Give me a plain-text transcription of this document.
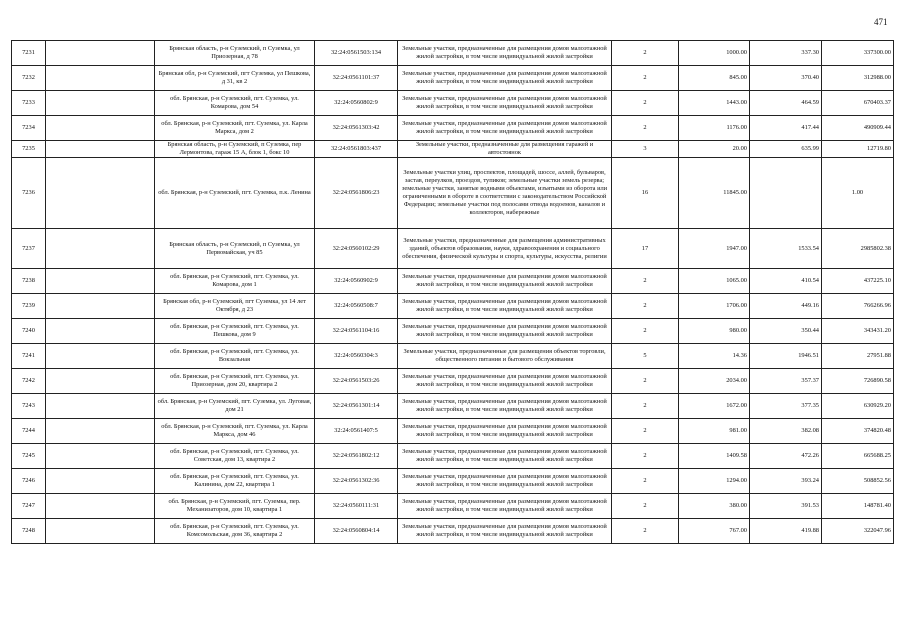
471
7231		Брянская область, р-н Суземский, п Суземка, ул Приозерная, д 78	32:24:0561503:134	Земельные участки, предназначенные для размещения домов малоэтажной жилой застройки, в том числе индивидуальной жилой застройки	2	1000.00	337.30	337300.00
7232		Брянская обл, р-н Суземский, пгт Суземка, ул Пешкова, д 31, кв 2	32:24:0561101:37	Земельные участки, предназначенные для размещения домов малоэтажной жилой застройки, в том числе индивидуальной жилой застройки	2	845.00	370.40	312988.00
7233		обл. Брянская, р-н Суземский, пгт. Суземка, ул. Комарова, дом 54	32:24:0560802:9	Земельные участки, предназначенные для размещения домов малоэтажной жилой застройки, в том числе индивидуальной жилой застройки	2	1443.00	464.59	670403.37
7234		обл. Брянская, р-н Суземский, пгт. Суземка, ул. Карла Маркса, дом 2	32:24:0561303:42	Земельные участки, предназначенные для размещения домов малоэтажной жилой застройки, в том числе индивидуальной жилой застройки	2	1176.00	417.44	490909.44
7235		Брянская область, р-н Суземский, п Суземка, пер Лермонтова, гараж 15 А, блок 1, бокс 10	32:24:0561803:437	Земельные участки, предназначенные для размещения гаражей и автостоянок	3	20.00	635.99	12719.80
7236		обл. Брянская, р-н Суземский, пгт. Суземка, п.к. Ленина	32:24:0561806:23	Земельные участки улиц, проспектов, площадей, шоссе, аллей, бульваров, застав, переулков, проездов, тупиков; земельные участки земель резерва; земельные участки, занятые водными объектами, изъятыми из оборота или ограниченными в обороте в соответствии с законодательством Российской Федерации; земельные участки под полосами отвода водоемов, каналов и коллекторов, набережные	16	11845.00		1.00
7237		Брянская область, р-н Суземский, п Суземка, ул Первомайская, уч 85	32:24:0560102:29	Земельные участки, предназначенные для размещения административных зданий, объектов образования, науки, здравоохранения и социального обеспечения, физической культуры и спорта, культуры, искусства, религии	17	1947.00	1533.54	2985802.38
7238		обл. Брянская, р-н Суземский, пгт. Суземка, ул. Комарова, дом 1	32:24:0560902:9	Земельные участки, предназначенные для размещения домов малоэтажной жилой застройки, в том числе индивидуальной жилой застройки	2	1065.00	410.54	437225.10
7239		Брянская обл, р-н Суземский, пгт Суземка, ул 14 лет Октября, д 23	32:24:0560508:7	Земельные участки, предназначенные для размещения домов малоэтажной жилой застройки, в том числе индивидуальной жилой застройки	2	1706.00	449.16	766266.96
7240		обл. Брянская, р-н Суземский, пгт. Суземка, ул. Пешкова, дом 9	32:24:0561104:16	Земельные участки, предназначенные для размещения домов малоэтажной жилой застройки, в том числе индивидуальной жилой застройки	2	980.00	350.44	343431.20
7241		обл. Брянская, р-н Суземский, пгт. Суземка, ул. Вокзальная	32:24:0560304:3	Земельные участки, предназначенные для размещения объектов торговли, общественного питания и бытового обслуживания	5	14.36	1946.51	27951.88
7242		обл. Брянская, р-н Суземский, пгт. Суземка, ул. Приозерная, дом 20, квартира 2	32:24:0561503:26	Земельные участки, предназначенные для размещения домов малоэтажной жилой застройки, в том числе индивидуальной жилой застройки	2	2034.00	357.37	726890.58
7243		обл. Брянская, р-н Суземский, пгт. Суземка, ул. Луговая, дом 21	32:24:0561301:14	Земельные участки, предназначенные для размещения домов малоэтажной жилой застройки, в том числе индивидуальной жилой застройки	2	1672.00	377.35	630929.20
7244		обл. Брянская, р-н Суземский, пгт. Суземка, ул. Карла Маркса, дом 46	32:24:0561407:5	Земельные участки, предназначенные для размещения домов малоэтажной жилой застройки, в том числе индивидуальной жилой застройки	2	981.00	382.08	374820.48
7245		обл. Брянская, р-н Суземский, пгт. Суземка, ул. Советская, дом 13, квартира 2	32:24:0561802:12	Земельные участки, предназначенные для размещения домов малоэтажной жилой застройки, в том числе индивидуальной жилой застройки	2	1409.58	472.26	665688.25
7246		обл. Брянская, р-н Суземский, пгт. Суземка, ул. Калинина, дом 22, квартира 1	32:24:0561302:36	Земельные участки, предназначенные для размещения домов малоэтажной жилой застройки, в том числе индивидуальной жилой застройки	2	1294.00	393.24	508852.56
7247		обл. Брянская, р-н Суземский, пгт. Суземка, пер. Механизаторов, дом 10, квартира 1	32:24:0560111:31	Земельные участки, предназначенные для размещения домов малоэтажной жилой застройки, в том числе индивидуальной жилой застройки	2	380.00	391.53	148781.40
7248		обл. Брянская, р-н Суземский, пгт. Суземка, ул. Комсомольская, дом 36, квартира 2	32:24:0560804:14	Земельные участки, предназначенные для размещения домов малоэтажной жилой застройки, в том числе индивидуальной жилой застройки	2	767.00	419.88	322047.96
